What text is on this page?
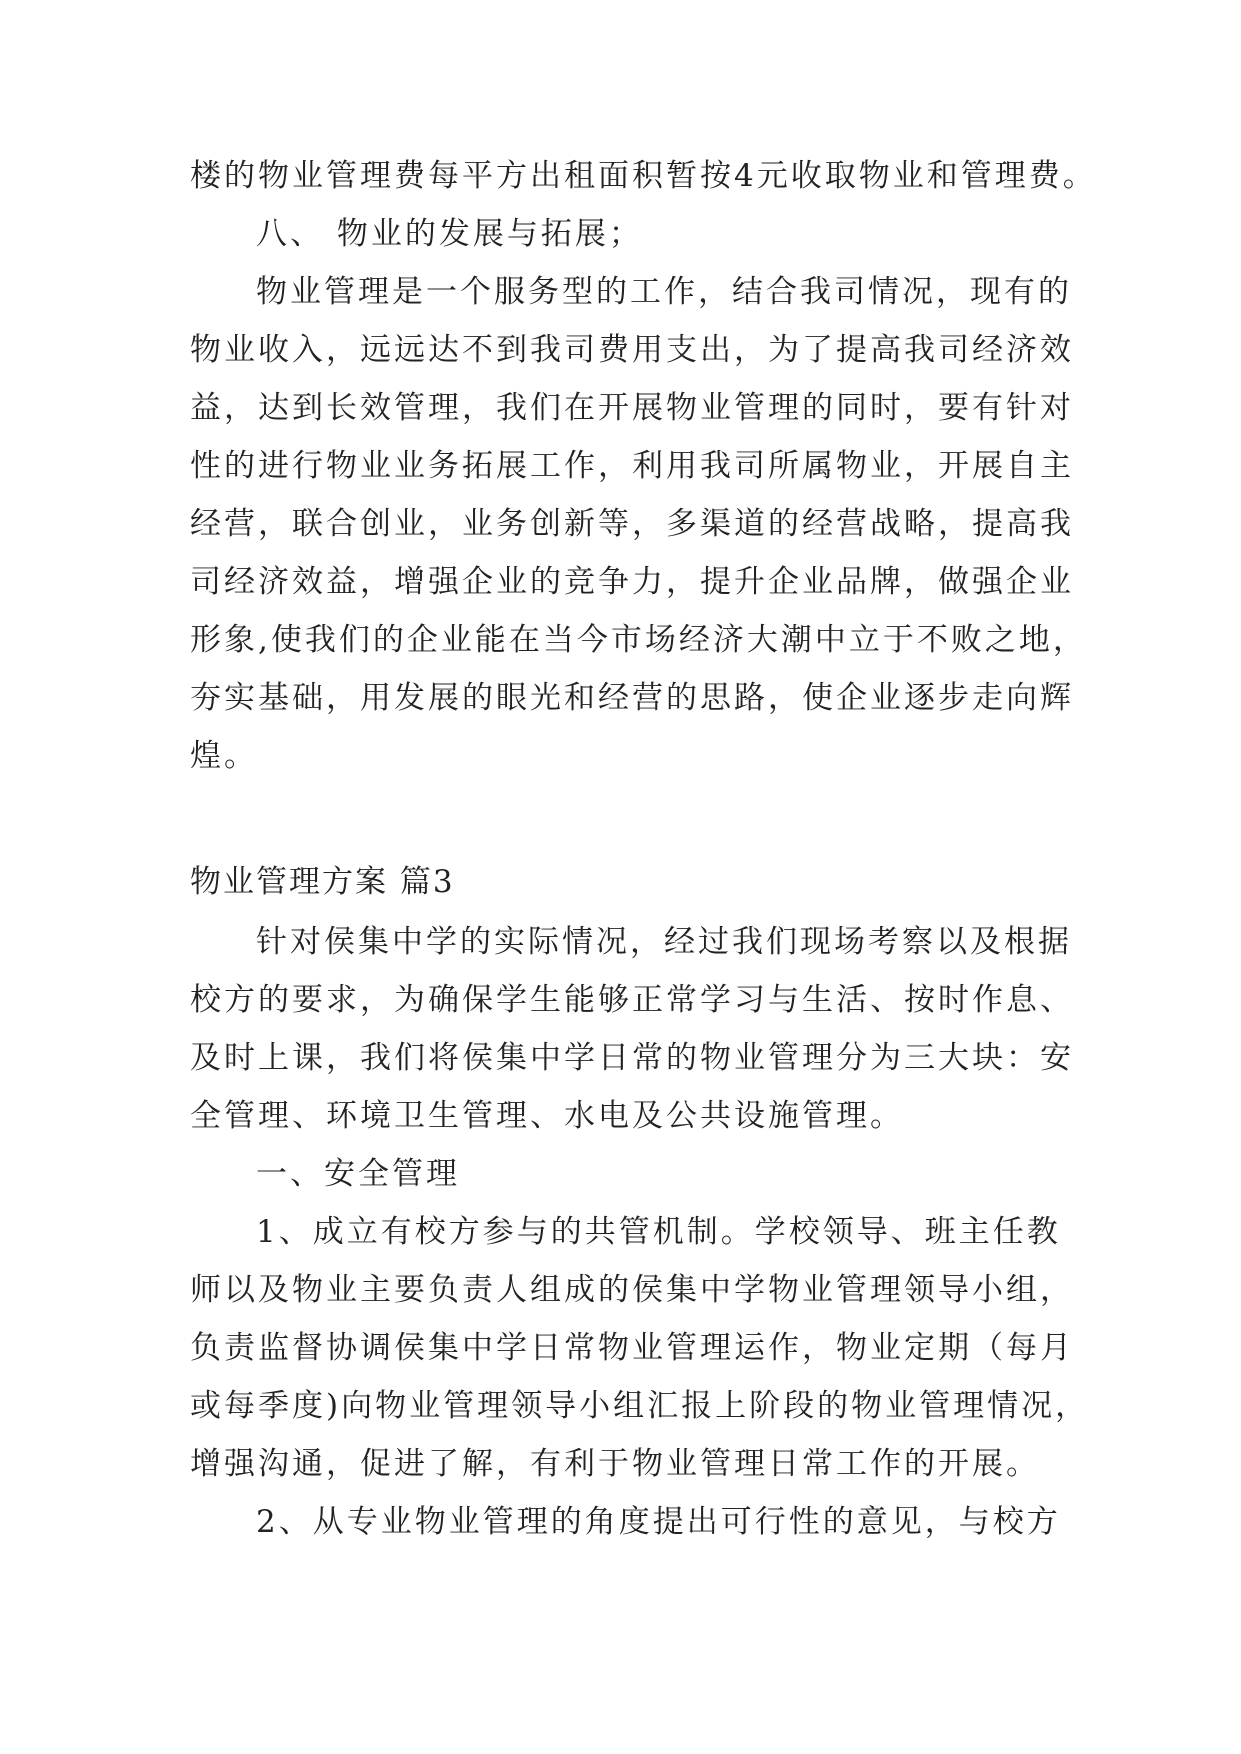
楼的物业管理费每平方出租面积暂按4元收取物业和管理费。
八、 物业的发展与拓展；
物业管理是一个服务型的工作，结合我司情况，现有的
物业收入，远远达不到我司费用支出，为了提高我司经济效
益，达到长效管理，我们在开展物业管理的同时，要有针对
性的进行物业业务拓展工作，利用我司所属物业，开展自主
经营，联合创业，业务创新等，多渠道的经营战略，提高我
司经济效益，增强企业的竞争力，提升企业品牌，做强企业
形象,使我们的企业能在当今市场经济大潮中立于不败之地，
夯实基础，用发展的眼光和经营的思路，使企业逐步走向辉
煌。
物业管理方案 篇3
针对侯集中学的实际情况，经过我们现场考察以及根据
校方的要求，为确保学生能够正常学习与生活、按时作息、
及时上课，我们将侯集中学日常的物业管理分为三大块：安
全管理、环境卫生管理、水电及公共设施管理。
一、安全管理
1、成立有校方参与的共管机制。学校领导、班主任教
师以及物业主要负责人组成的侯集中学物业管理领导小组，
负责监督协调侯集中学日常物业管理运作，物业定期（每月
或每季度)向物业管理领导小组汇报上阶段的物业管理情况，
增强沟通，促进了解，有利于物业管理日常工作的开展。
2、从专业物业管理的角度提出可行性的意见，与校方
